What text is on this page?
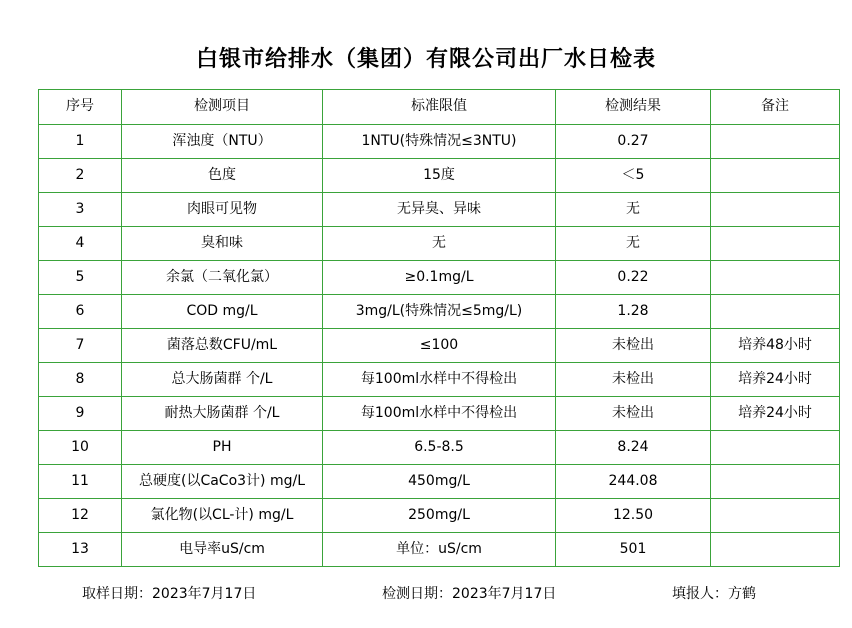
白银市给排水（集团）有限公司出厂水日检表
序号	检测项目	标准限值	检测结果	备注
1	浑浊度（NTU）	1NTU(特殊情况≤3NTU)	0.27	
2	色度	15度	＜5	
3	肉眼可见物	无异臭、异味	无	
4	臭和味	无	无	
5	余氯（二氧化氯）	≥0.1mg/L	0.22	
6	COD mg/L	3mg/L(特殊情况≤5mg/L)	1.28	
7	菌落总数CFU/mL	≤100	未检出	培养48小时
8	总大肠菌群 个/L	每100ml水样中不得检出	未检出	培养24小时
9	耐热大肠菌群 个/L	每100ml水样中不得检出	未检出	培养24小时
10	PH	6.5-8.5	8.24	
11	总硬度(以CaCo3计) mg/L	450mg/L	244.08	
12	氯化物(以CL-计) mg/L	250mg/L	12.50	
13	电导率uS/cm	单位：uS/cm	501	
取样日期：2023年7月17日	检测日期：2023年7月17日	填报人：方鹤
